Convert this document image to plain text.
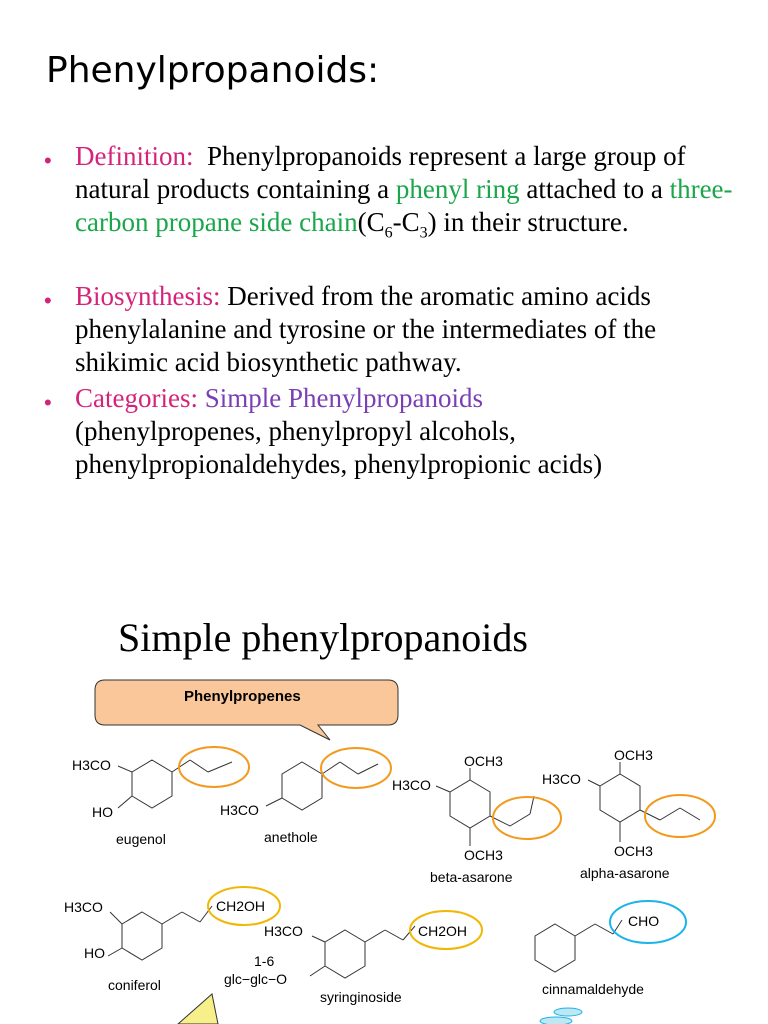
Phenylpropanoids:
• Definition: Phenylpropanoids represent a large group of natural products containing a phenyl ring attached to a three-carbon propane side $chain(C_6-C_3)$ in their structure.
• Biosynthesis: Derived from the aromatic amino acids phenylalanine and tyrosine or the intermediates of the shikimic acid biosynthetic pathway.
• Categories: Simple Phenylpropanoids
(phenylpropenes, phenylpropyl alcohols, phenylpropionaldehydes, phenylpropionic acids)
Simple phenylpropanoids
H3CO
HO	H3CO
OCH3
H3CO
OCH3
OCH3
H3CO
OCH3
H3CO
HO
CH2OH
H3CO	CH2OH
1-6
glc−glc−O
CHO
eugenol	anethole
beta-asarone	alpha-asarone
coniferol
syringinoside	cinnamaldehyde
Phenylpropenes
